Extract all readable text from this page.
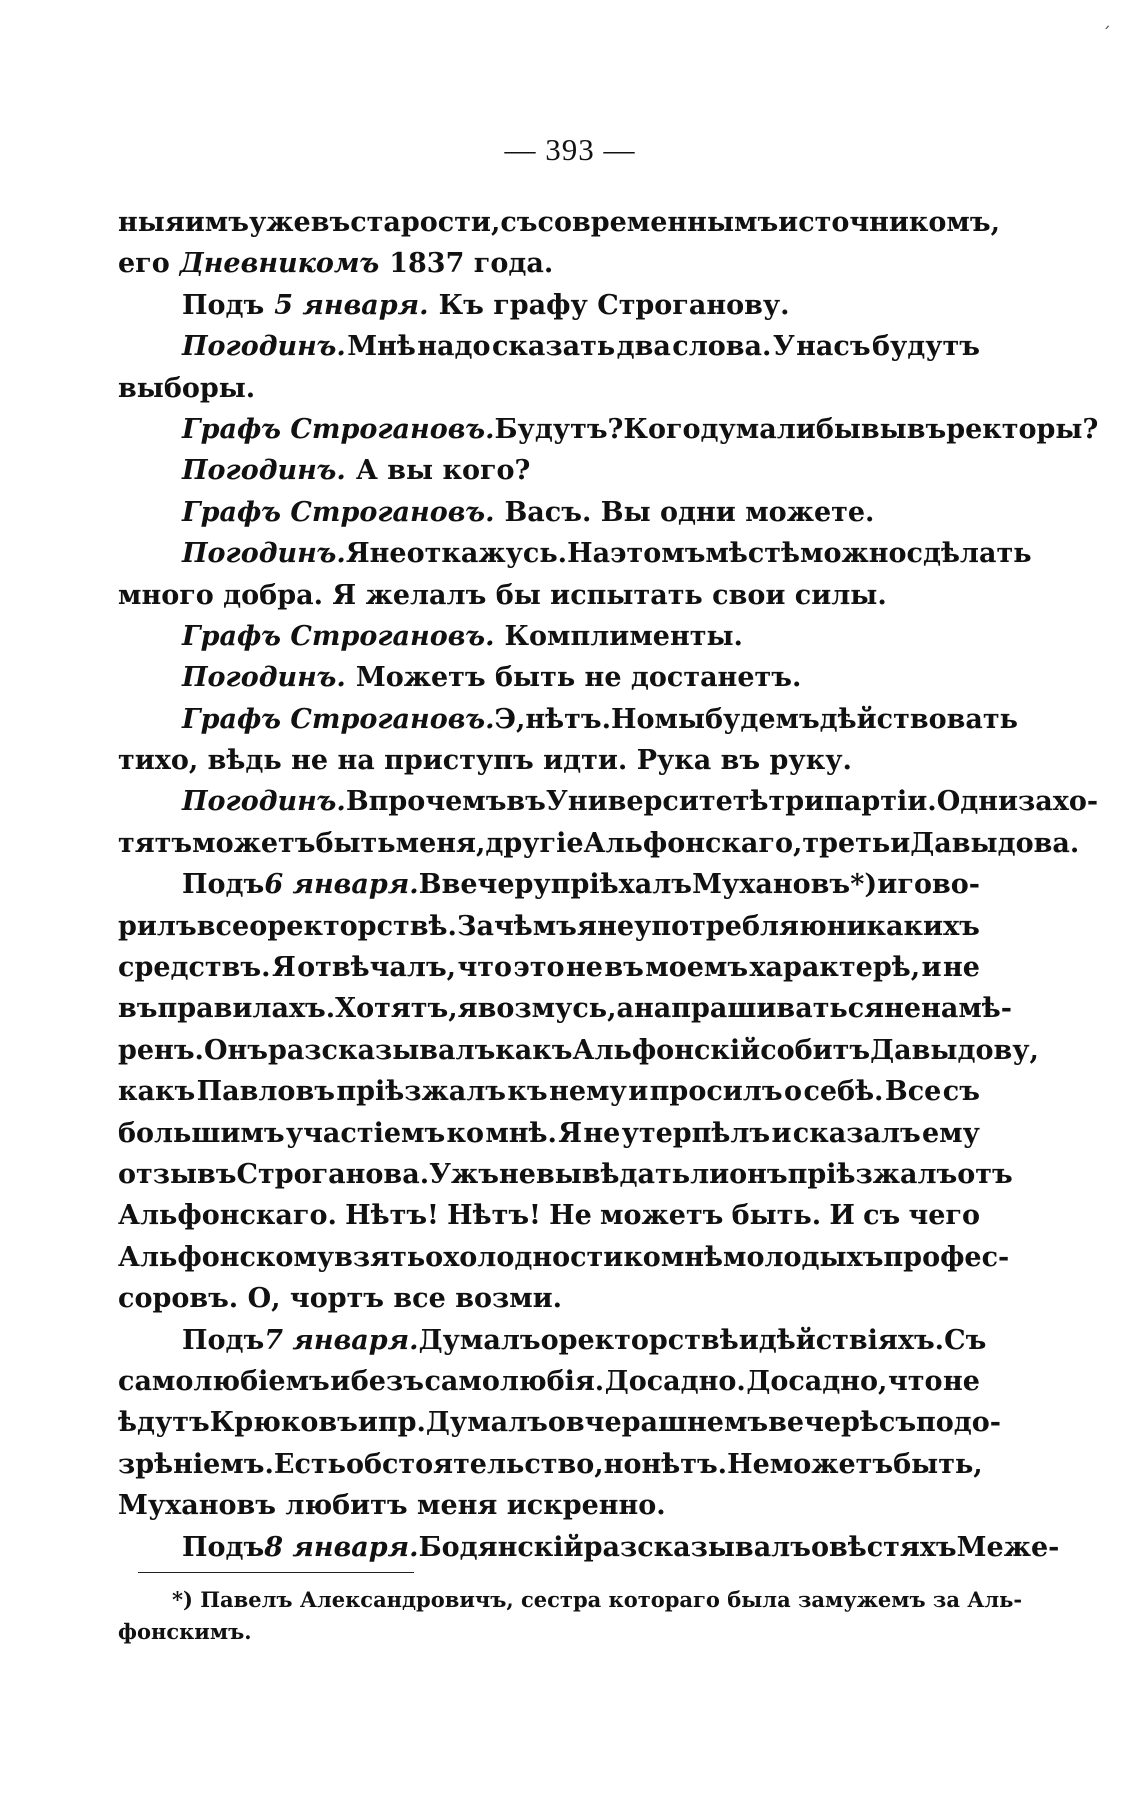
— 393 —
ныя имъ уже въ старости, съ современнымъ источникомъ,
его Дневникомъ 1837 года.
Подъ 5 января. Къ графу Строганову.
Погодинъ. Мнѣ надо сказать два слова. У насъ будутъ
выборы.
Графъ Строгановъ. Будутъ? Кого думали бы вы въ ректоры?
Погодинъ. А вы кого?
Графъ Строгановъ. Васъ. Вы одни можете.
Погодинъ. Я не откажусь. На этомъ мѣстѣ можно сдѣлать
много добра. Я желалъ бы испытать свои силы.
Графъ Строгановъ. Комплименты.
Погодинъ. Можетъ быть не достанетъ.
Графъ Строгановъ. Э, нѣтъ. Но мы будемъ дѣйствовать
тихо, вѣдь не на приступъ идти. Рука въ руку.
Погодинъ. Впрочемъ въ Университетѣ три партіи. Одни захо-
тятъ можетъ быть меня, другіе Альфонскаго, третьи Давыдова.
Подъ 6 января. Ввечеру пріѣхалъ Мухановъ *) и гово-
рилъ все о ректорствѣ. Зачѣмъ я не употребляю никакихъ
средствъ. Я отвѣчалъ, что это не въ моемъ характерѣ, и не
въ правилахъ. Хотятъ, я возмусь, а напрашиваться не намѣ-
ренъ. Онъ разсказывалъ какъ Альфонскій собитъ Давыдову,
какъ Павловъ пріѣзжалъ къ нему и просилъ о себѣ. Все съ
большимъ участіемъ ко мнѣ. Я не утерпѣлъ и сказалъ ему
отзывъ Строганова. Ужъ не вывѣдать ли онъ пріѣзжалъ отъ
Альфонскаго. Нѣтъ! Нѣтъ! Не можетъ быть. И съ чего
Альфонскому взять о холодности ко мнѣ молодыхъ профес-
соровъ. О, чортъ все возми.
Подъ 7 января. Думалъ о ректорствѣ и дѣйствіяхъ. Съ
самолюбіемъ и безъ самолюбія. Досадно. Досадно, что не
ѣдутъ Крюковъ и пр. Думалъ о вчерашнемъ вечерѣ съ подо-
зрѣніемъ. Есть обстоятельство, но нѣтъ. Не можетъ быть,
Мухановъ любитъ меня искренно.
Подъ 8 января. Бодянскій разсказывалъ о вѣстяхъ Меже-
*) Павелъ Александровичъ, сестра котораго была замужемъ за Аль-
фонскимъ.
ˊ
